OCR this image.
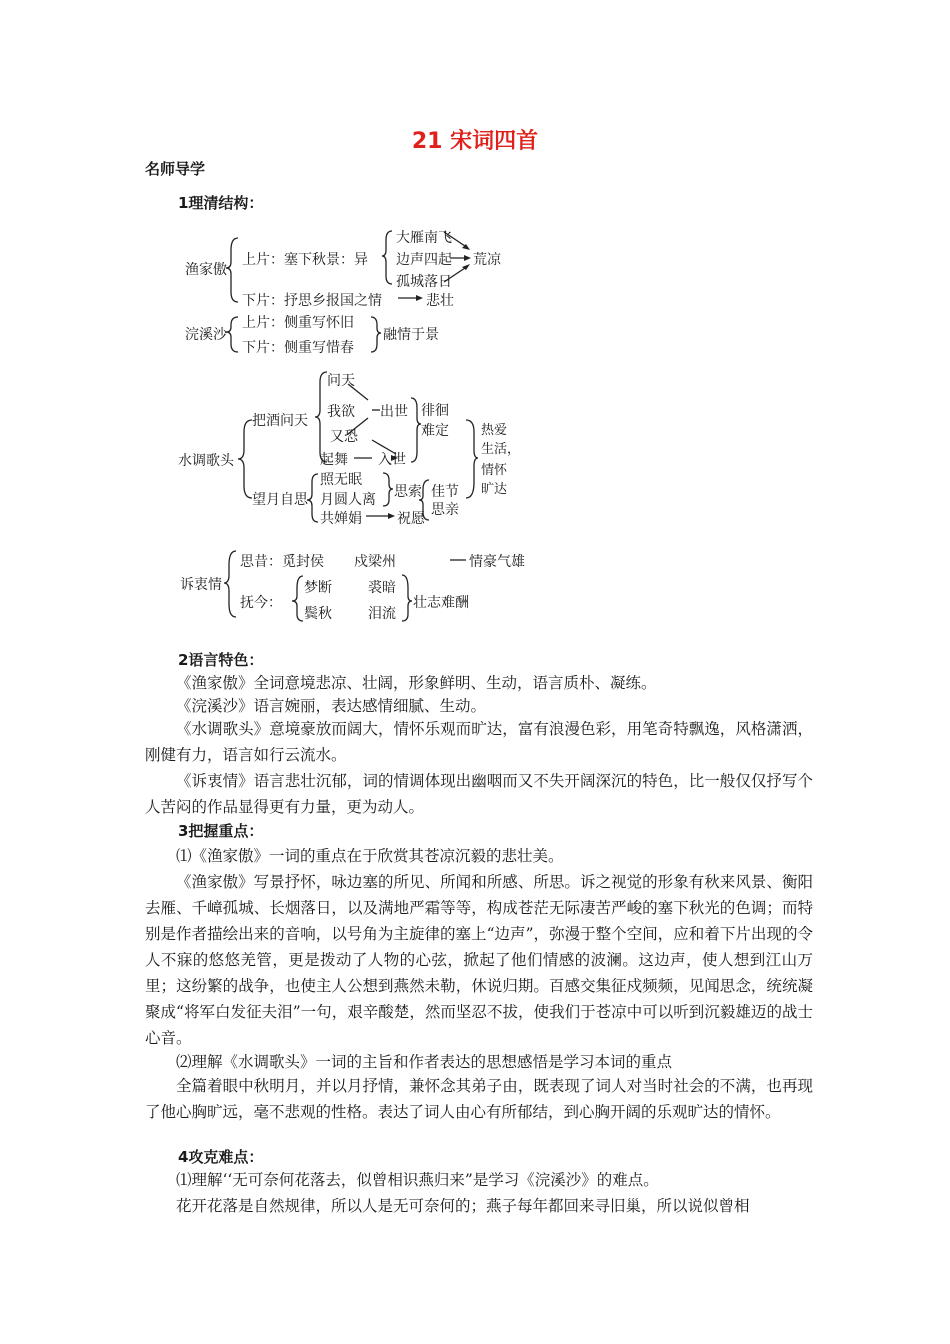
21 宋词四首
名师导学
1理清结构：
渔家傲
上片：塞下秋景：异
大雁南飞
边声四起
孤城落日
荒凉
下片：抒思乡报国之情	悲壮
浣溪沙
上片：侧重写怀旧
下片：侧重写惜春
融情于景
水调歌头
把酒问天
望月自思
问天
我欲 出世
又恐
起舞 入世
徘徊
难定
照无眠
月圆人离
共婵娟
思索
祝愿
佳节
思亲
热爱
生活，
情怀
旷达
诉衷情
思昔：觅封侯 戍梁州	情豪气雄
抚今：
梦断	裘暗
鬓秋	泪流
壮志难酬
2语言特色：
《渔家傲》全词意境悲凉、壮阔，形象鲜明、生动，语言质朴、凝练。
《浣溪沙》语言婉丽，表达感情细腻、生动。
《水调歌头》意境豪放而阔大，情怀乐观而旷达，富有浪漫色彩，用笔奇特飘逸，风格潇洒，刚健有力，语言如行云流水。
《诉衷情》语言悲壮沉郁，词的情调体现出幽咽而又不失开阔深沉的特色，比一般仅仅抒写个人苦闷的作品显得更有力量，更为动人。
3把握重点：
⑴《渔家傲》一词的重点在于欣赏其苍凉沉毅的悲壮美。
《渔家傲》写景抒怀，咏边塞的所见、所闻和所感、所思。诉之视觉的形象有秋来风景、衡阳去雁、千嶂孤城、长烟落日，以及满地严霜等等，构成苍茫无际凄苦严峻的塞下秋光的色调；而特别是作者描绘出来的音响，以号角为主旋律的塞上“边声”，弥漫于整个空间，应和着下片出现的令人不寐的悠悠羌管，更是拨动了人物的心弦，掀起了他们情感的波澜。这边声，使人想到江山万里；这纷繁的战争，也使主人公想到燕然未勒，休说归期。百感交集征戍频频，见闻思念，统统凝聚成“将军白发征夫泪”一句，艰辛酸楚，然而坚忍不拔，使我们于苍凉中可以听到沉毅雄迈的战士心音。
⑵理解《水调歌头》一词的主旨和作者表达的思想感悟是学习本词的重点
全篇着眼中秋明月，并以月抒情，兼怀念其弟子由，既表现了词人对当时社会的不满，也再现了他心胸旷远，毫不悲观的性格。表达了词人由心有所郁结，到心胸开阔的乐观旷达的情怀。
4攻克难点：
⑴理解‘‘无可奈何花落去，似曾相识燕归来”是学习《浣溪沙》的难点。
花开花落是自然规律，所以人是无可奈何的；燕子每年都回来寻旧巢，所以说似曾相
